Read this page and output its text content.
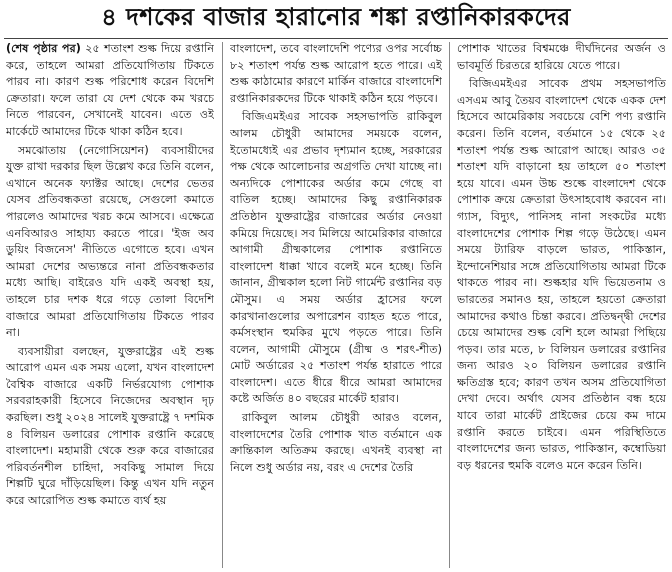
৪ দশকের বাজার হারানোর শঙ্কা রপ্তানিকারকদের

(শেষ পৃষ্ঠার পর) ২৫ শতাংশ শুল্ক দিয়ে রপ্তানি করে, তাহলে আমরা প্রতিযোগিতায় টিকতে পারব না। কারণ শুল্ক পরিশোধ করেন বিদেশি ক্রেতারা। ফলে তারা যে দেশ থেকে কম খরচে নিতে পারবেন, সেখানেই যাবেন। এতে ওই মার্কেটে আমাদের টিকে থাকা কঠিন হবে।

সমঝোতায় (নেগোসিয়েশন) ব্যবসায়ীদের যুক্ত রাখা দরকার ছিল উল্লেখ করে তিনি বলেন, এখানে অনেক ফ্যাক্টর আছে। দেশের ভেতর যেসব প্রতিবন্ধকতা রয়েছে, সেগুলো কমাতে পারলেও আমাদের খরচ কমে আসবে। এক্ষেত্রে এনবিআরও সাহায্য করতে পারে। 'ইজ অব ডুয়িং বিজনেস' নীতিতে এগোতে হবে। এখন আমরা দেশের অভ্যন্তরে নানা প্রতিবন্ধকতার মধ্যে আছি। বাইরেও যদি একই অবস্থা হয়, তাহলে চার দশক ধরে গড়ে তোলা বিদেশি বাজারে আমরা প্রতিযোগিতায় টিকতে পারব না।

ব্যবসায়ীরা বলছেন, যুক্তরাষ্ট্রের এই শুল্ক আরোপ এমন এক সময় এলো, যখন বাংলাদেশ বৈশ্বিক বাজারে একটি নির্ভরযোগ্য পোশাক সরবরাহকারী হিসেবে নিজেদের অবস্থান দৃঢ় করছিল। শুধু ২০২৪ সালেই যুক্তরাষ্ট্রে ৭ দশমিক ৪ বিলিয়ন ডলারের পোশাক রপ্তানি করেছে বাংলাদেশ। মহামারী থেকে শুরু করে বাজারের পরিবর্তনশীল চাহিদা, সবকিছু সামাল দিয়ে শিল্পটি ঘুরে দাঁড়িয়েছিল। কিন্তু এখন যদি নতুন করে আরোপিত শুল্ক কমাতে ব্যর্থ হয়

বাংলাদেশ, তবে বাংলাদেশি পণ্যের ওপর সর্বোচ্চ ৮২ শতাংশ পর্যন্ত শুল্ক আরোপ হতে পারে। এই শুল্ক কাঠামোর কারণে মার্কিন বাজারে বাংলাদেশি রপ্তানিকারকদের টিকে থাকাই কঠিন হয়ে পড়বে।

বিজিএমইএর সাবেক সহসভাপতি রাকিবুল আলম চৌধুরী আমাদের সময়কে বলেন, ইতোমধ্যেই এর প্রভাব দৃশ্যমান হচ্ছে, সরকারের পক্ষ থেকে আলোচনার অগ্রগতি দেখা যাচ্ছে না। অন্যদিকে পোশাকের অর্ডার কমে গেছে বা বাতিল হচ্ছে। আমাদের কিছু রপ্তানিকারক প্রতিষ্ঠান যুক্তরাষ্ট্রের বাজারের অর্ডার নেওয়া কমিয়ে দিয়েছে। সব মিলিয়ে আমেরিকার বাজারে আগামী গ্রীষ্মকালের পোশাক রপ্তানিতে বাংলাদেশ ধাক্কা খাবে বলেই মনে হচ্ছে। তিনি জানান, গ্রীষ্মকাল হলো নিট গার্মেন্ট রপ্তানির বড় মৌসুম। এ সময় অর্ডার হ্রাসের ফলে কারখানাগুলোর অপারেশন ব্যাহত হতে পারে, কর্মসংস্থান হুমকির মুখে পড়তে পারে। তিনি বলেন, আগামী মৌসুমে (গ্রীষ্ম ও শরৎ-শীত) মোট অর্ডারের ২৫ শতাংশ পর্যন্ত হারাতে পারে বাংলাদেশ। এতে ধীরে ধীরে আমরা আমাদের কষ্টে অর্জিত ৪০ বছরের মার্কেট হারাব।

রাকিবুল আলম চৌধুরী আরও বলেন, বাংলাদেশের তৈরি পোশাক খাত বর্তমানে এক ক্রান্তিকাল অতিক্রম করছে। এখনই ব্যবস্থা না নিলে শুধু অর্ডার নয়, বরং এ দেশের তৈরি

পোশাক খাতের বিশ্বমঞ্চে দীর্ঘদিনের অর্জন ও ভাবমূর্তি চিরতরে হারিয়ে যেতে পারে।

বিজিএমইএর সাবেক প্রথম সহসভাপতি এসএম আবু তৈয়ব বাংলাদেশ থেকে একক দেশ হিসেবে আমেরিকায় সবচেয়ে বেশি পণ্য রপ্তানি করেন। তিনি বলেন, বর্তমানে ১৫ থেকে ২৫ শতাংশ পর্যন্ত শুল্ক আরোপ আছে। আরও ৩৫ শতাংশ যদি বাড়ানো হয় তাহলে ৫০ শতাংশ হয়ে যাবে। এমন উচ্চ শুল্কে বাংলাদেশ থেকে পোশাক ক্রয়ে ক্রেতারা উৎসাহবোধ করবেন না। গ্যাস, বিদ্যুৎ, পানিসহ নানা সংকটের মধ্যে বাংলাদেশের পোশাক শিল্প গড়ে উঠেছে। এমন সময়ে ট্যারিফ বাড়লে ভারত, পাকিস্তান, ইন্দোনেশিয়ার সঙ্গে প্রতিযোগিতায় আমরা টিকে থাকতে পারব না। শুল্কহার যদি ভিয়েতনাম ও ভারতের সমানও হয়, তাহলে হয়তো ক্রেতারা আমাদের কথাও চিন্তা করবে। প্রতিদ্বন্দ্বী দেশের চেয়ে আমাদের শুল্ক বেশি হলে আমরা পিছিয়ে পড়ব। তার মতে, ৮ বিলিয়ন ডলারের রপ্তানির জন্য আরও ২০ বিলিয়ন ডলারের রপ্তানি ক্ষতিগ্রস্ত হবে; কারণ তখন অসম প্রতিযোগিতা দেখা দেবে। অর্থাৎ যেসব প্রতিষ্ঠান বন্ধ হয়ে যাবে তারা মার্কেট প্রাইজের চেয়ে কম দামে রপ্তানি করতে চাইবে। এমন পরিস্থিতিতে বাংলাদেশের জন্য ভারত, পাকিস্তান, কম্বোডিয়া বড় ধরনের হুমকি বলেও মনে করেন তিনি।
